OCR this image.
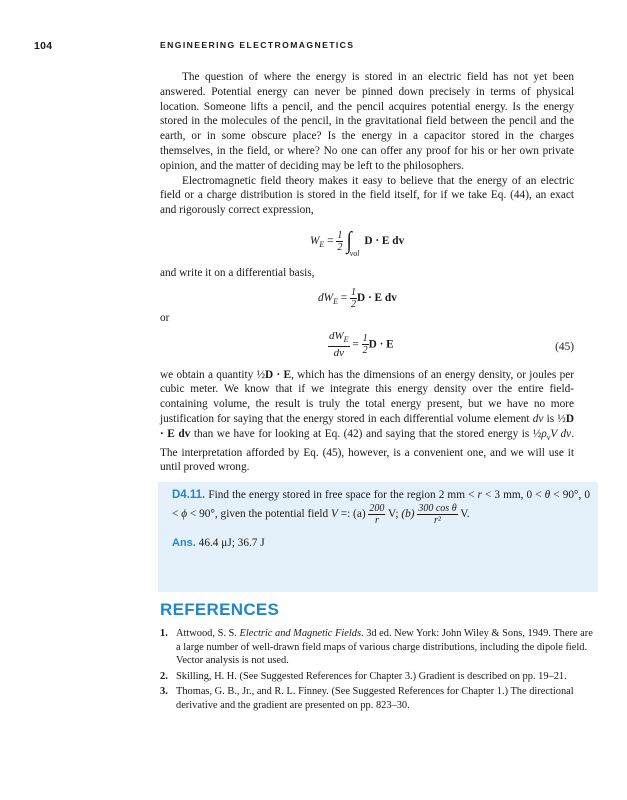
104	ENGINEERING ELECTROMAGNETICS

The question of where the energy is stored in an electric field has not yet been answered. Potential energy can never be pinned down precisely in terms of physical location. Someone lifts a pencil, and the pencil acquires potential energy. Is the energy stored in the molecules of the pencil, in the gravitational field between the pencil and the earth, or in some obscure place? Is the energy in a capacitor stored in the charges themselves, in the field, or where? No one can offer any proof for his or her own private opinion, and the matter of deciding may be left to the philosophers.

Electromagnetic field theory makes it easy to believe that the energy of an electric field or a charge distribution is stored in the field itself, for if we take Eq. (44), an exact and rigorously correct expression,

$W_E = \frac{1}{2} \int_{vol}$ D · E dv

and write it on a differential basis,

$dW_E = \frac{1}{2}$ D · E dv

or

$\frac{dW_E}{dv} = \frac{1}{2}$ D · E	(45)

we obtain a quantity ½D · E, which has the dimensions of an energy density, or joules per cubic meter. We know that if we integrate this energy density over the entire field-containing volume, the result is truly the total energy present, but we have no more justification for saying that the energy stored in each differential volume element dv is ½D · E dv than we have for looking at Eq. (42) and saying that the stored energy is $\frac{1}{2}\rho_vV$ dv. The interpretation afforded by Eq. (45), however, is a convenient one, and we will use it until proved wrong.

D4.11. Find the energy stored in free space for the region 2 mm < r < 3 mm, 0 < θ < 90°, 0 < ϕ < 90°, given the potential field V =: $(a) \frac{200}{r} V$; $(b) \frac{\text{300 cos θ}}{\text{r²}} V$.

Ans. 46.4 μJ; 36.7 J

REFERENCES
1. Attwood, S. S. Electric and Magnetic Fields. 3d ed. New York: John Wiley & Sons, 1949. There are a large number of well-drawn field maps of various charge distributions, including the dipole field. Vector analysis is not used.
2. Skilling, H. H. (See Suggested References for Chapter 3.) Gradient is described on pp. 19–21.
3. Thomas, G. B., Jr., and R. L. Finney. (See Suggested References for Chapter 1.) The directional derivative and the gradient are presented on pp. 823–30.
